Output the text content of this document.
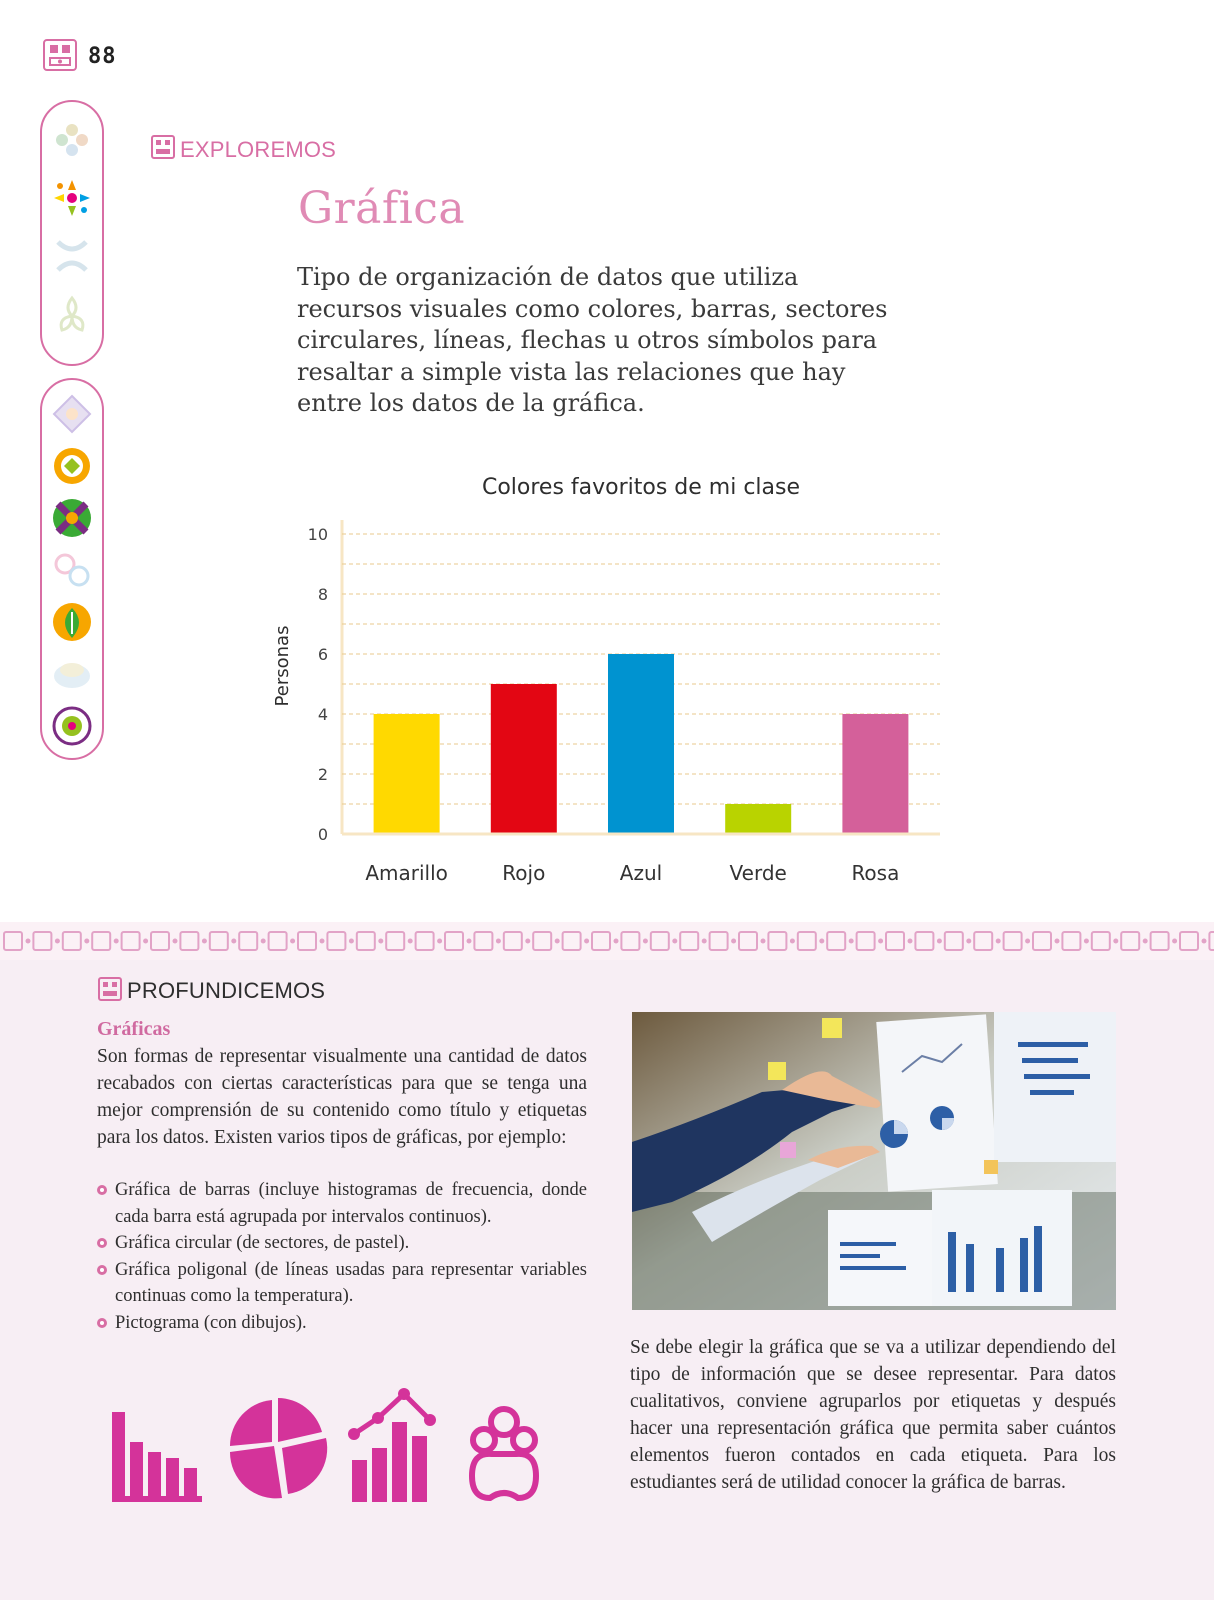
88
EXPLOREMOS
Gráfica

Tipo de organización de datos que utiliza recursos visuales como colores, barras, sectores circulares, líneas, flechas u otros símbolos para resaltar a simple vista las relaciones que hay entre los datos de la gráfica.

Colores favoritos de mi clase
Personas
0
2
4
6
8
10
Amarillo	Rojo	Azul	Verde	Rosa
PROFUNDICEMOS
Gráficas

Son formas de representar visualmente una cantidad de datos recabados con ciertas características para que se tenga una mejor comprensión de su contenido como título y etiquetas para los datos. Existen varios tipos de gráficas, por ejemplo:

Gráfica de barras (incluye histogramas de frecuencia, donde cada barra está agrupada por intervalos continuos).
Gráfica circular (de sectores, de pastel).
Gráfica poligonal (de líneas usadas para representar variables continuas como la temperatura).
Pictograma (con dibujos).

Se debe elegir la gráfica que se va a utilizar dependiendo del tipo de información que se desee representar. Para datos cualitativos, conviene agruparlos por etiquetas y después hacer una representación gráfica que permita saber cuántos elementos fueron contados en cada etiqueta. Para los estudiantes será de utilidad conocer la gráfica de barras.
